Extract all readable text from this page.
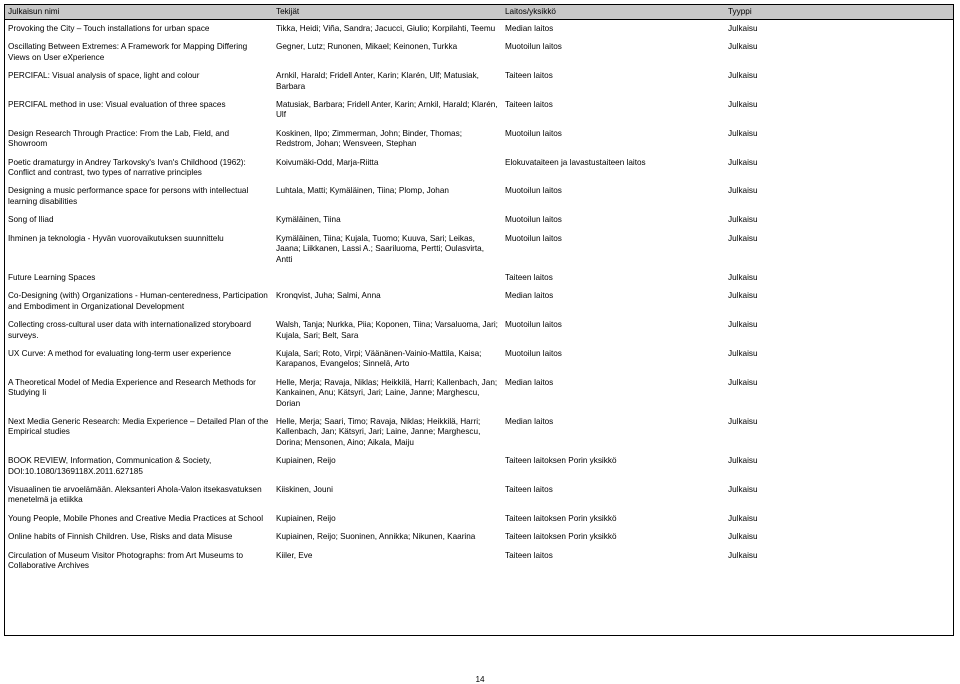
Julkaisun nimi	Tekijät	Laitos/yksikkö	Tyyppi
Provoking the City – Touch installations for urban space	Tikka, Heidi; Viña, Sandra; Jacucci, Giulio; Korpilahti, Teemu	Median laitos	Julkaisu
Oscillating Between Extremes: A Framework for Mapping Differing Views on User eXperience	Gegner, Lutz; Runonen, Mikael; Keinonen, Turkka	Muotoilun laitos	Julkaisu
PERCIFAL: Visual analysis of space, light and colour	Arnkil, Harald; Fridell Anter, Karin; Klarén, Ulf; Matusiak, Barbara	Taiteen laitos	Julkaisu
PERCIFAL method in use: Visual evaluation of three spaces	Matusiak, Barbara; Fridell Anter, Karin; Arnkil, Harald; Klarén, Ulf	Taiteen laitos	Julkaisu
Design Research Through Practice: From the Lab, Field, and Showroom	Koskinen, Ilpo; Zimmerman, John; Binder, Thomas; Redstrom, Johan; Wensveen, Stephan	Muotoilun laitos	Julkaisu
Poetic dramaturgy in Andrey Tarkovsky's Ivan's Childhood (1962): Conflict and contrast, two types of narrative principles	Koivumäki-Odd, Marja-Riitta	Elokuvataiteen ja lavastustaiteen laitos	Julkaisu
Designing a music performance space for persons with intellectual learning disabilities	Luhtala, Matti; Kymäläinen, Tiina; Plomp, Johan	Muotoilun laitos	Julkaisu
Song of Iliad	Kymäläinen, Tiina	Muotoilun laitos	Julkaisu
Ihminen ja teknologia - Hyvän vuorovaikutuksen suunnittelu	Kymäläinen, Tiina; Kujala, Tuomo; Kuuva, Sari; Leikas, Jaana; Liikkanen, Lassi A.; Saariluoma, Pertti; Oulasvirta, Antti	Muotoilun laitos	Julkaisu
Future Learning Spaces		Taiteen laitos	Julkaisu
Co-Designing (with) Organizations - Human-centeredness, Participation and Embodiment in Organizational Development	Kronqvist, Juha; Salmi, Anna	Median laitos	Julkaisu
Collecting cross-cultural user data with internationalized storyboard surveys.	Walsh, Tanja; Nurkka, Piia; Koponen, Tiina; Varsaluoma, Jari; Kujala, Sari; Belt, Sara	Muotoilun laitos	Julkaisu
UX Curve: A method for evaluating long-term user experience	Kujala, Sari; Roto, Virpi; Väänänen-Vainio-Mattila, Kaisa; Karapanos, Evangelos; Sinnelä, Arto	Muotoilun laitos	Julkaisu
A Theoretical Model of Media Experience and Research Methods for Studying Ii	Helle, Merja; Ravaja, Niklas; Heikkilä, Harri; Kallenbach, Jan; Kankainen, Anu; Kätsyri, Jari; Laine, Janne; Marghescu, Dorian	Median laitos	Julkaisu
Next Media Generic Research: Media Experience – Detailed Plan of the Empirical studies	Helle, Merja; Saari, Timo; Ravaja, Niklas; Heikkilä, Harri; Kallenbach, Jan; Kätsyri, Jari; Laine, Janne; Marghescu, Dorina; Mensonen, Aino; Aikala, Maiju	Median laitos	Julkaisu
BOOK REVIEW, Information, Communication & Society, DOI:10.1080/1369118X.2011.627185	Kupiainen, Reijo	Taiteen laitoksen Porin yksikkö	Julkaisu
Visuaalinen tie arvoelämään. Aleksanteri Ahola-Valon itsekasvatuksen menetelmä ja etiikka	Kiiskinen, Jouni	Taiteen laitos	Julkaisu
Young People, Mobile Phones and Creative Media Practices at School	Kupiainen, Reijo	Taiteen laitoksen Porin yksikkö	Julkaisu
Online habits of Finnish Children. Use, Risks and data Misuse	Kupiainen, Reijo; Suoninen, Annikka; Nikunen, Kaarina	Taiteen laitoksen Porin yksikkö	Julkaisu
Circulation of Museum Visitor Photographs: from Art Museums to Collaborative Archives	Kiiler, Eve	Taiteen laitos	Julkaisu
14
